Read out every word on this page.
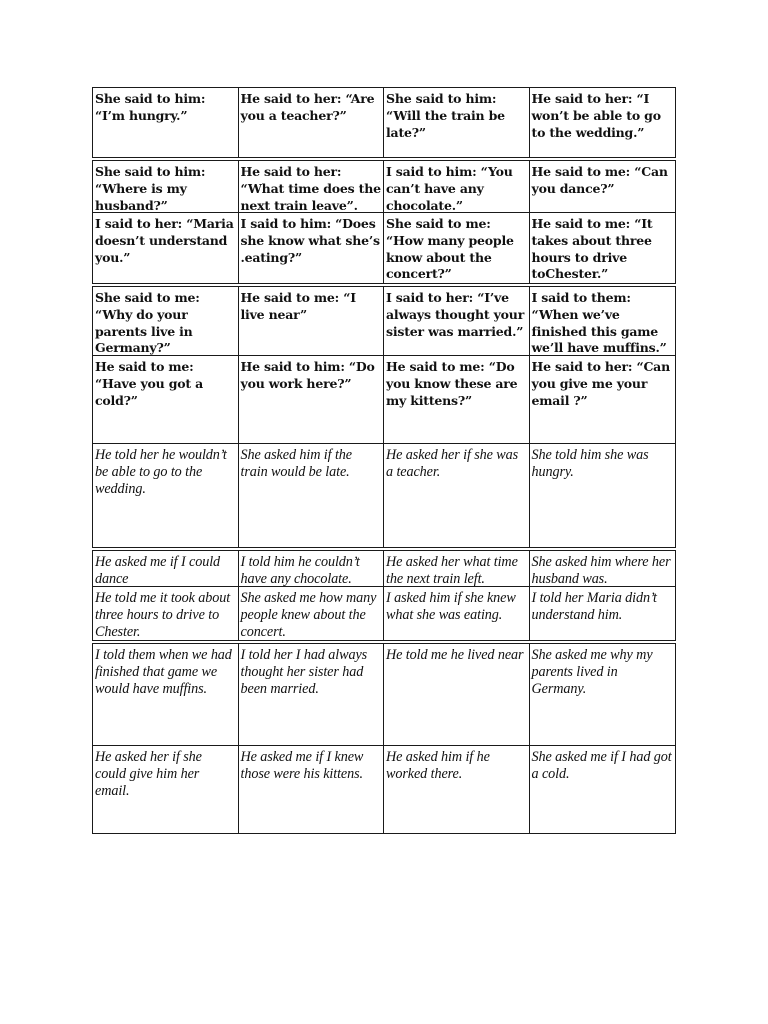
She said to him: “I’m hungry.”
He said to her: “Are you a teacher?”
She said to him: “Will the train be late?”
He said to her: “I won’t be able to go to the wedding.”
She said to him: “Where is my husband?”
He said to her: “What time does the next train leave”.
I said to him: “You can’t have any chocolate.”
He said to me: “Can you dance?”
I said to her: “Maria doesn’t understand you.”
I said to him: “Does she know what she’s .eating?”
She said to me: “How many people know about the concert?”
He said to me: “It takes about three hours to drive toChester.”
She said to me: “Why do your parents live in Germany?”
He said to me: “I live near”
I said to her: “I’ve always thought your sister was married.”
I said to them: “When we’ve finished this game we’ll have muffins.”
He said to me: “Have you got a cold?”
He said to him: “Do you work here?”
He said to me: “Do you know these are my kittens?”
He said to her: “Can you give me your email ?”
He told her he wouldn’t be able to go to the wedding.
She asked him if the train would be late.
He asked her if she was a teacher.
She told him she was hungry.
He asked me if I could dance
I told him he couldn’t have any chocolate.
He asked her what time the next train left.
She asked him where her husband was.
He told me it took about three hours to drive to Chester.
She asked me how many people knew about the concert.
I asked him if she knew what she was eating.
I told her Maria didn’t understand him.
I told them when we had finished that game we would have muffins.
I told her I had always thought her sister had been married.
He told me he lived near She asked me why my parents lived in Germany.
He asked her if she could give him her email.
He asked me if I knew those were his kittens.
He asked him if he worked there.
She asked me if I had got a cold.
